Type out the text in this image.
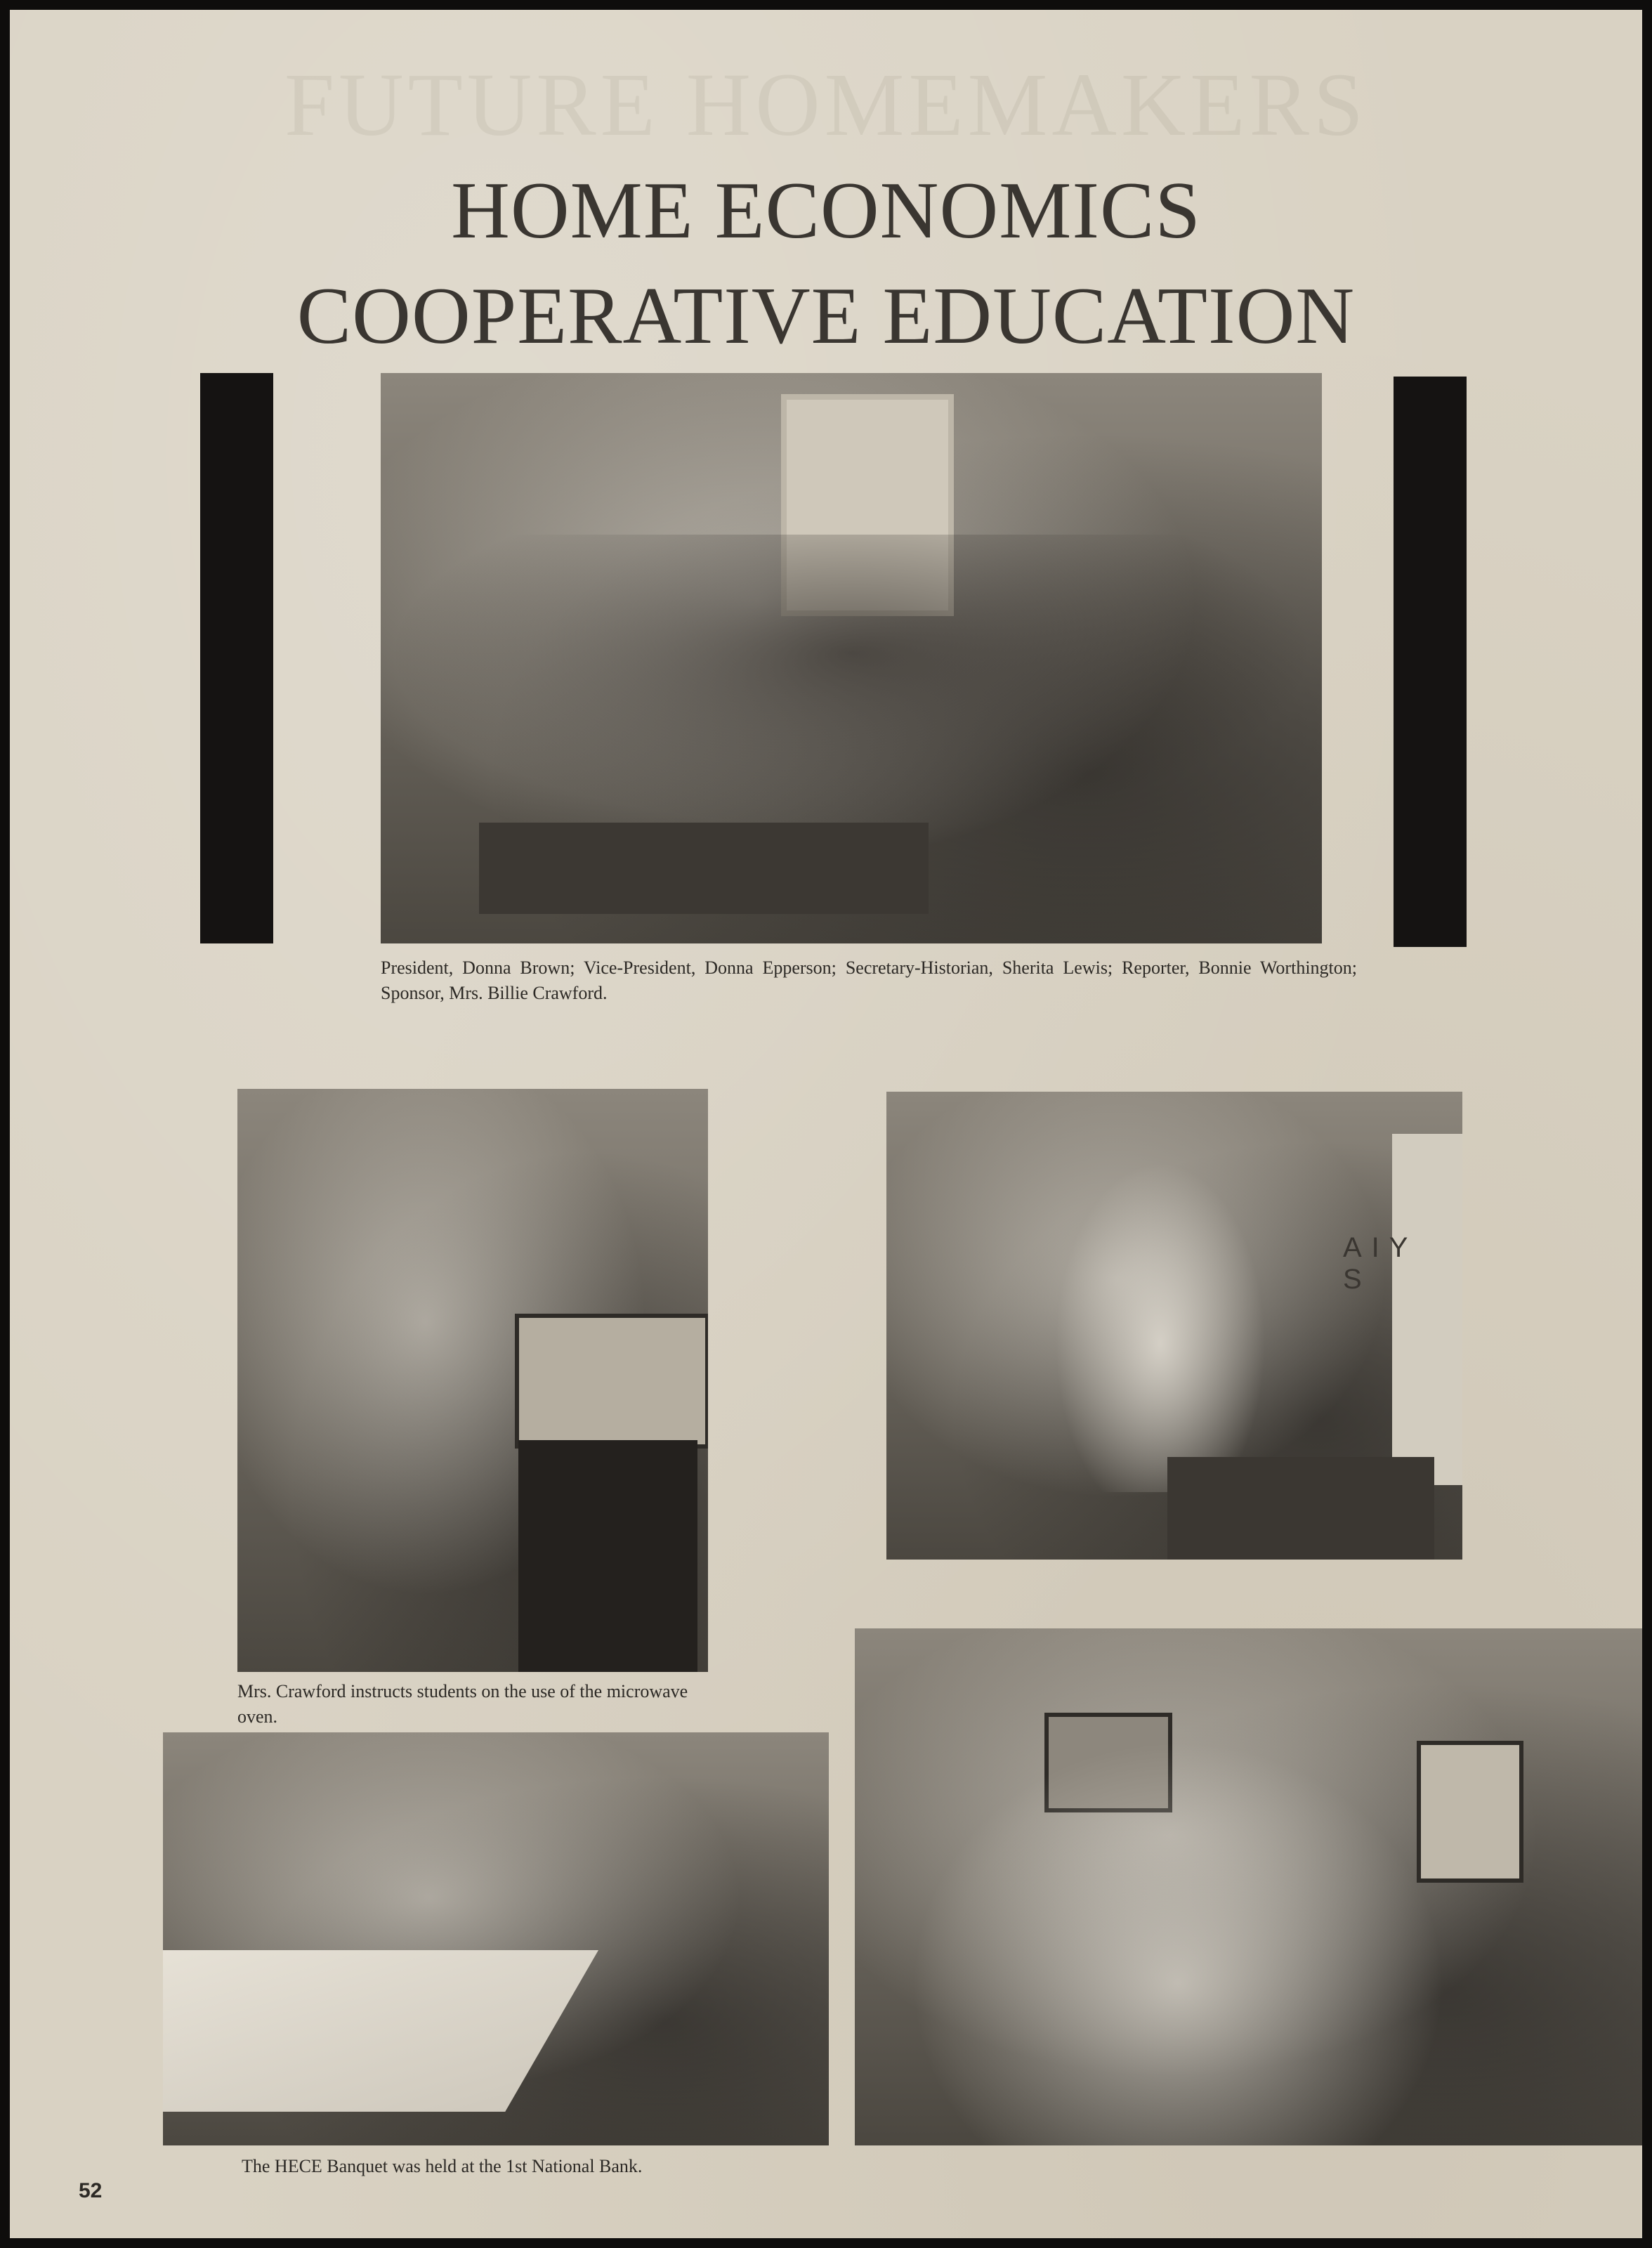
FUTURE HOMEMAKERS
HOME ECONOMICS
COOPERATIVE EDUCATION
President, Donna Brown; Vice-President, Donna Epperson; Secretary-Historian, Sherita Lewis; Reporter, Bonnie Worthington; Sponsor, Mrs. Billie Crawford.
Mrs. Crawford instructs students on the use of the microwave oven.
AIY S
The HECE Banquet was held at the 1st National Bank.
52
